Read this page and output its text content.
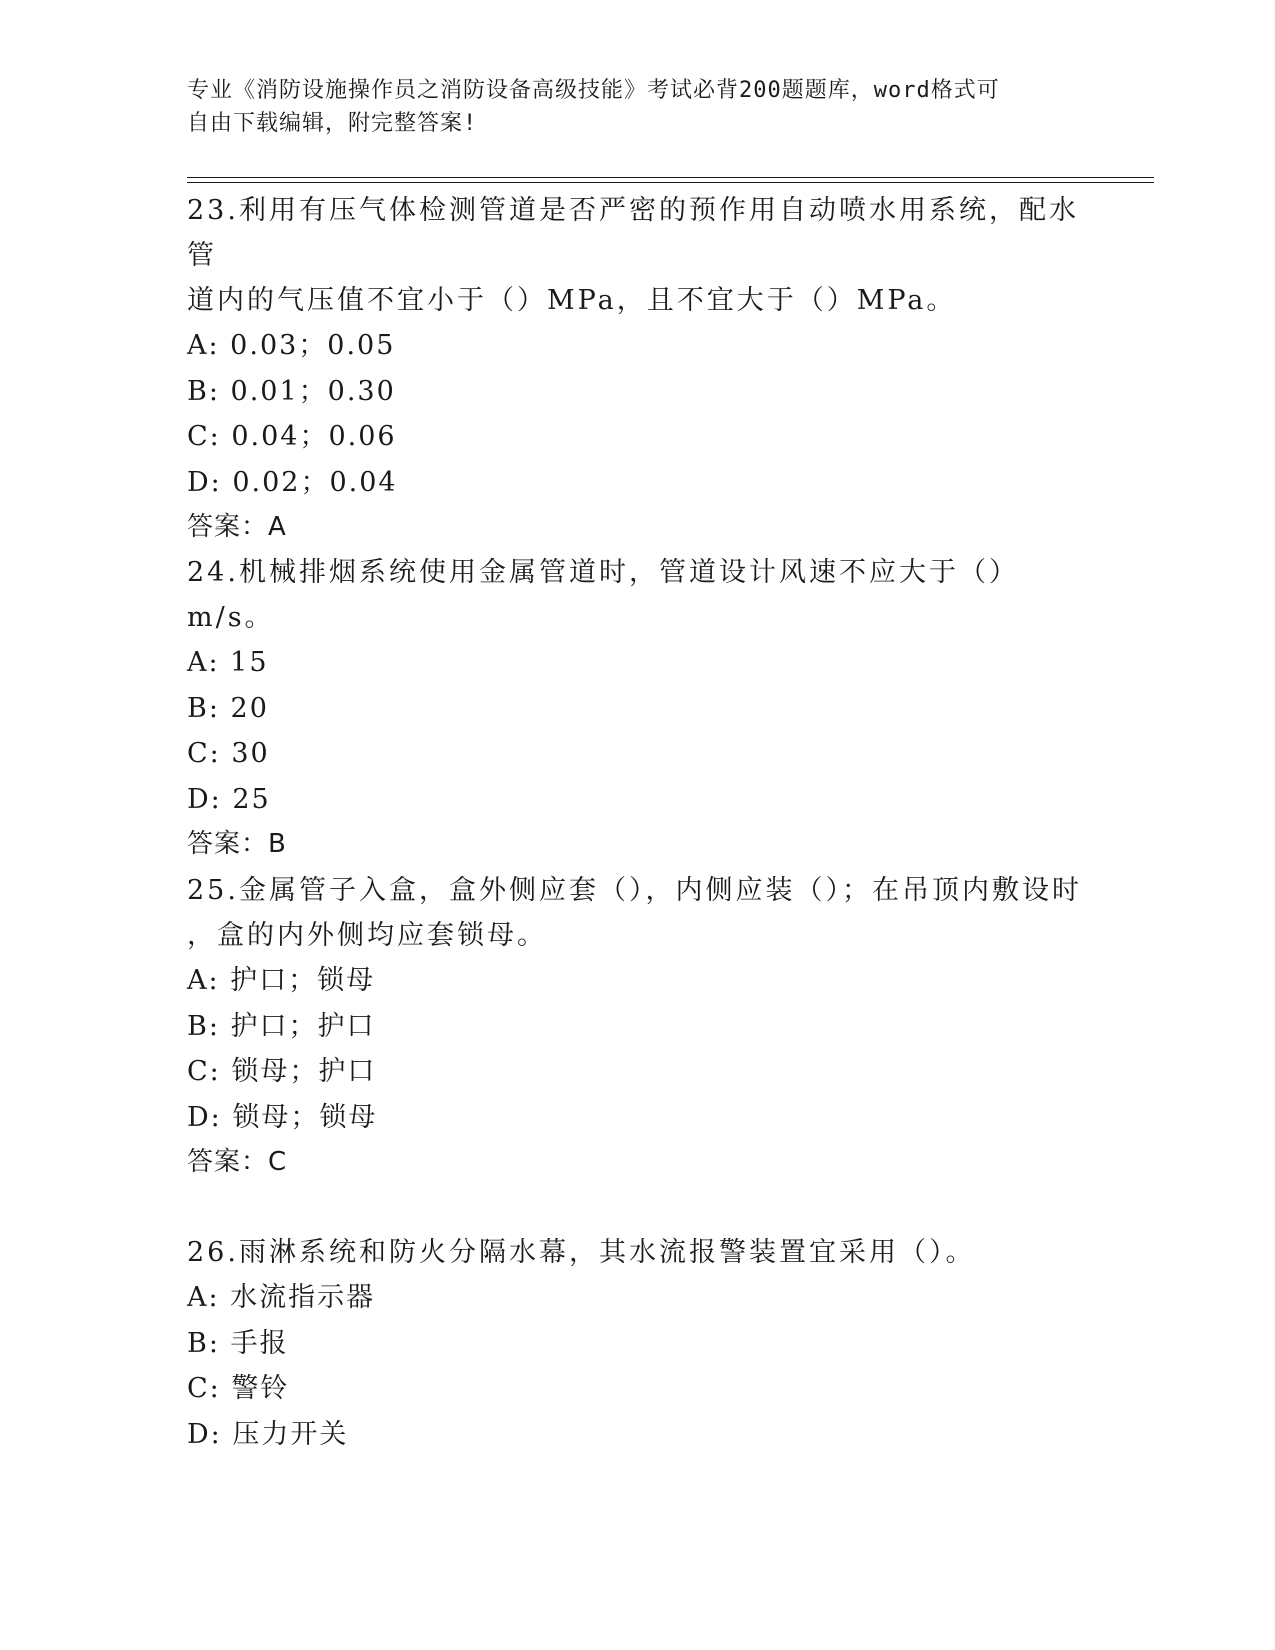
专业《消防设施操作员之消防设备高级技能》考试必背200题题库，word格式可
自由下载编辑，附完整答案!

23.利用有压气体检测管道是否严密的预作用自动喷水用系统，配水管

道内的气压值不宜小于（）MPa，且不宜大于（）MPa。

A: 0.03；0.05

B: 0.01；0.30

C: 0.04；0.06

D: 0.02；0.04

答案：A

24.机械排烟系统使用金属管道时，管道设计风速不应大于（）m/s。

A: 15

B: 20

C: 30

D: 25

答案：B

25.金属管子入盒，盒外侧应套（），内侧应装（）；在吊顶内敷设时

，盒的内外侧均应套锁母。

A: 护口；锁母

B: 护口；护口

C: 锁母；护口

D: 锁母；锁母

答案：C

26.雨淋系统和防火分隔水幕，其水流报警装置宜采用（）。

A: 水流指示器

B: 手报

C: 警铃

D: 压力开关
